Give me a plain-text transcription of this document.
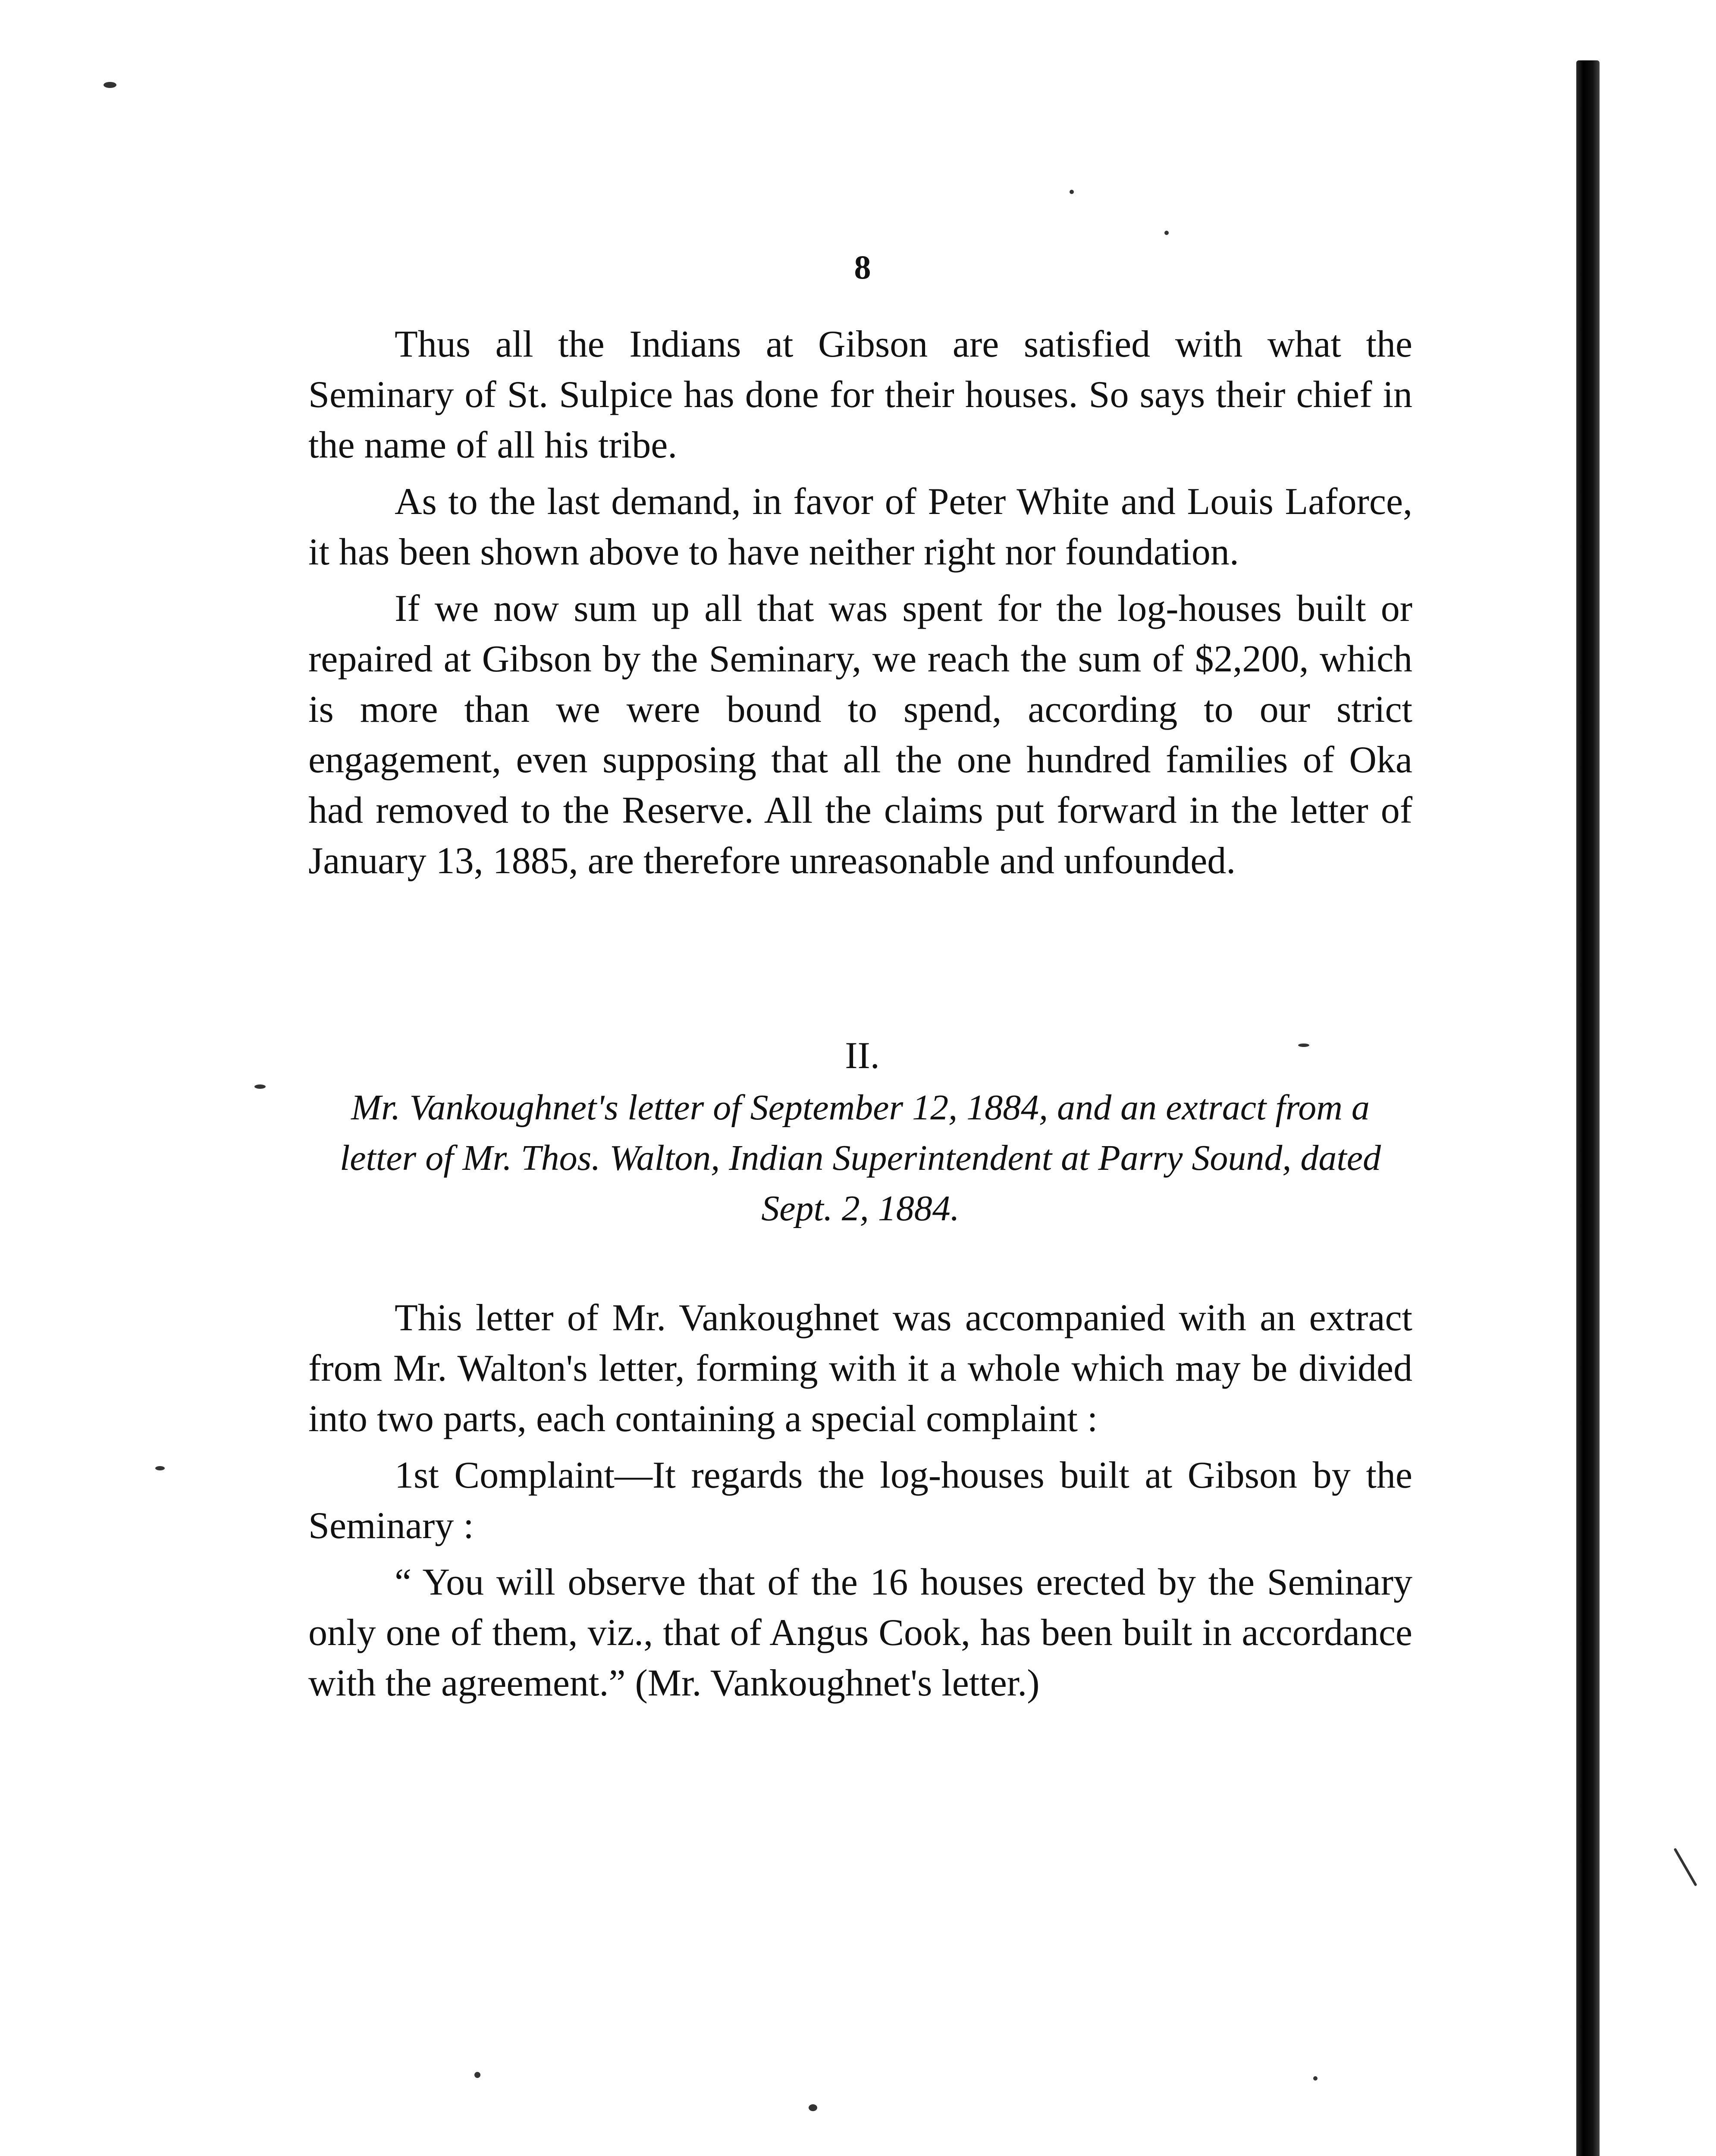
8

Thus all the Indians at Gibson are satisfied with what the Seminary of St. Sulpice has done for their houses. So says their chief in the name of all his tribe.

As to the last demand, in favor of Peter White and Louis Laforce, it has been shown above to have neither right nor foundation.

If we now sum up all that was spent for the log-houses built or repaired at Gibson by the Seminary, we reach the sum of $2,200, which is more than we were bound to spend, according to our strict engagement, even supposing that all the one hundred families of Oka had removed to the Reserve. All the claims put forward in the letter of January 13, 1885, are therefore unreasonable and unfounded.

II.

Mr. Vankoughnet's letter of September 12, 1884, and an extract from a letter of Mr. Thos. Walton, Indian Superintendent at Parry Sound, dated Sept. 2, 1884.

This letter of Mr. Vankoughnet was accompanied with an extract from Mr. Walton's letter, forming with it a whole which may be divided into two parts, each containing a special complaint :

1st Complaint—It regards the log-houses built at Gibson by the Seminary :

“ You will observe that of the 16 houses erected by the Seminary only one of them, viz., that of Angus Cook, has been built in accordance with the agreement.” (Mr. Vankoughnet's letter.)
